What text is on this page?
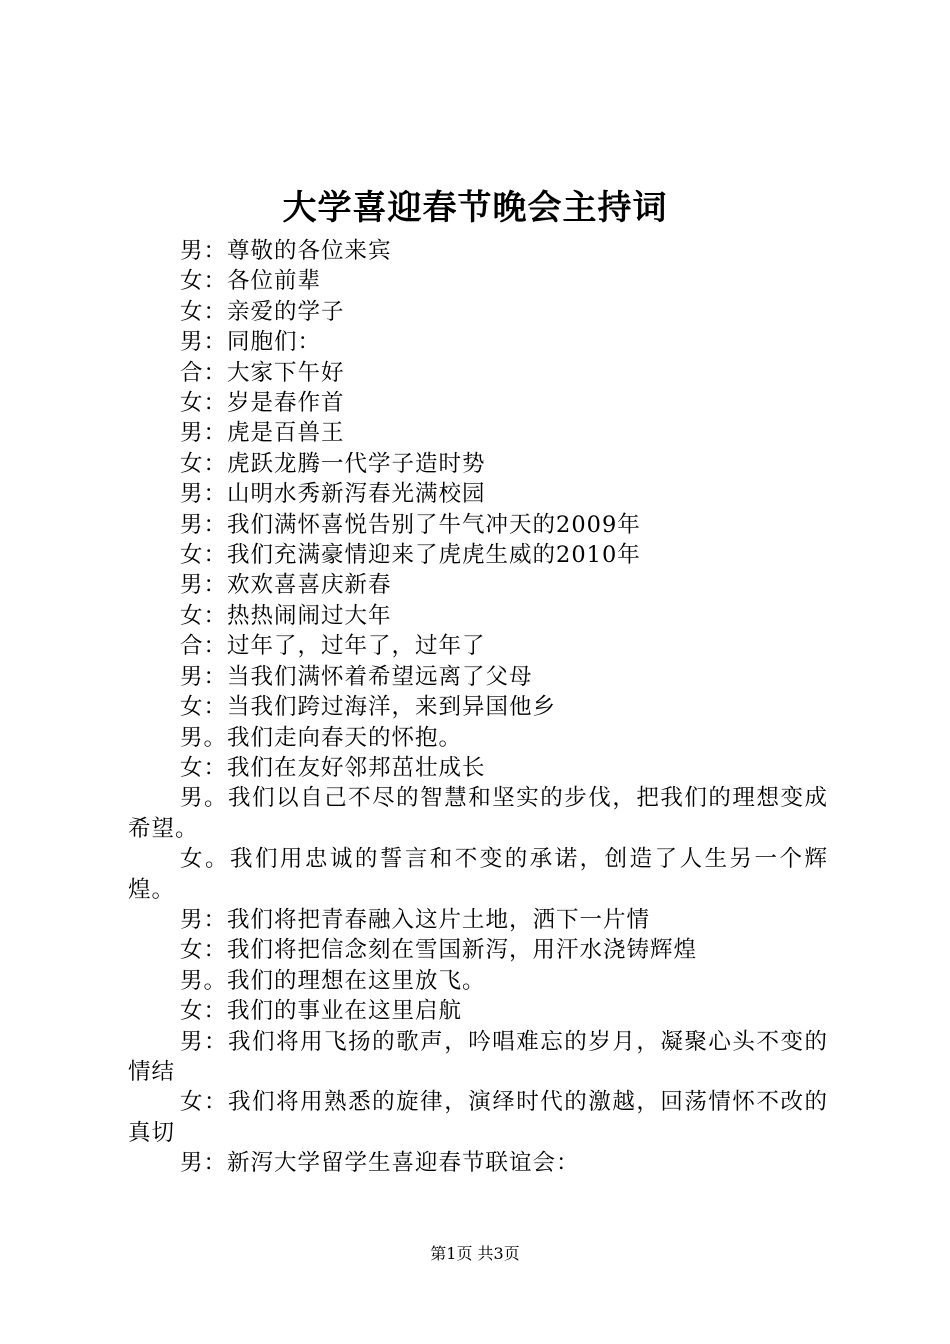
大学喜迎春节晚会主持词

男：尊敬的各位来宾

女：各位前辈

女：亲爱的学子

男：同胞们：

合：大家下午好

女：岁是春作首

男：虎是百兽王

女：虎跃龙腾一代学子造时势

男：山明水秀新泻春光满校园

男：我们满怀喜悦告别了牛气冲天的2009年

女：我们充满豪情迎来了虎虎生威的2010年

男：欢欢喜喜庆新春

女：热热闹闹过大年

合：过年了，过年了，过年了

男：当我们满怀着希望远离了父母

女：当我们跨过海洋，来到异国他乡

男。我们走向春天的怀抱。

女：我们在友好邻邦茁壮成长

男。我们以自己不尽的智慧和坚实的步伐，把我们的理想变成希望。

女。我们用忠诚的誓言和不变的承诺，创造了人生另一个辉煌。

男：我们将把青春融入这片土地，洒下一片情

女：我们将把信念刻在雪国新泻，用汗水浇铸辉煌

男。我们的理想在这里放飞。

女：我们的事业在这里启航

男：我们将用飞扬的歌声，吟唱难忘的岁月，凝聚心头不变的情结

女：我们将用熟悉的旋律，演绎时代的激越，回荡情怀不改的真切

男：新泻大学留学生喜迎春节联谊会：

第1页 共3页
